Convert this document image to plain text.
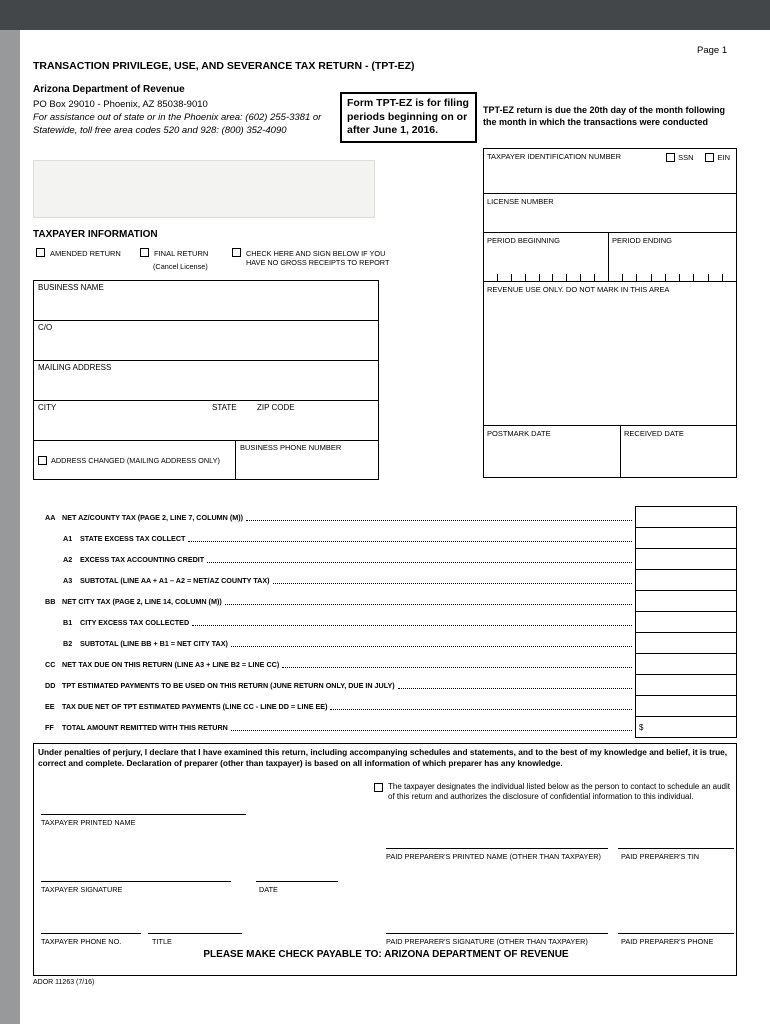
Page 1
TRANSACTION PRIVILEGE, USE, AND SEVERANCE TAX RETURN - (TPT-EZ)
Arizona Department of Revenue
PO Box 29010 - Phoenix, AZ 85038-9010
For assistance out of state or in the Phoenix area: (602) 255-3381 or
Statewide, toll free area codes 520 and 928: (800) 352-4090
Form TPT-EZ is for filing periods beginning on or after June 1, 2016.
TPT-EZ return is due the 20th day of the month following the month in which the transactions were conducted
TAXPAYER IDENTIFICATION NUMBER	SSN	EIN
LICENSE NUMBER
PERIOD BEGINNING	PERIOD ENDING
REVENUE USE ONLY. DO NOT MARK IN THIS AREA
POSTMARK DATE	RECEIVED DATE
TAXPAYER INFORMATION
AMENDED RETURN	FINAL RETURN
(Cancel License)
CHECK HERE AND SIGN BELOW IF YOU HAVE NO GROSS RECEIPTS TO REPORT
BUSINESS NAME
C/O
MAILING ADDRESS
CITY	STATE	ZIP CODE
ADDRESS CHANGED (MAILING ADDRESS ONLY)
BUSINESS PHONE NUMBER
AA NET AZ/COUNTY TAX (PAGE 2, LINE 7, COLUMN (M))
A1	STATE EXCESS TAX COLLECT
A2	EXCESS TAX ACCOUNTING CREDIT
A3	SUBTOTAL (LINE AA + A1 – A2 = NET/AZ COUNTY TAX)
BB NET CITY TAX (PAGE 2, LINE 14, COLUMN (M))
B1	CITY EXCESS TAX COLLECTED
B2	SUBTOTAL (LINE BB + B1 = NET CITY TAX)
CC NET TAX DUE ON THIS RETURN (LINE A3 + LINE B2 = LINE CC)
DD TPT ESTIMATED PAYMENTS TO BE USED ON THIS RETURN (JUNE RETURN ONLY, DUE IN JULY)
EE	TAX DUE NET OF TPT ESTIMATED PAYMENTS (LINE CC - LINE DD = LINE EE)
FF	TOTAL AMOUNT REMITTED WITH THIS RETURN	$
Under penalties of perjury, I declare that I have examined this return, including accompanying schedules and statements, and to the best of my knowledge and belief, it is true, correct and complete. Declaration of preparer (other than taxpayer) is based on all information of which preparer has any knowledge.
The taxpayer designates the individual listed below as the person to contact to schedule an audit of this return and authorizes the disclosure of confidential information to this individual.
TAXPAYER PRINTED NAME
PAID PREPARER'S PRINTED NAME (OTHER THAN TAXPAYER)	PAID PREPARER'S TIN
TAXPAYER SIGNATURE	DATE
TAXPAYER PHONE NO.	TITLE	PAID PREPARER'S SIGNATURE (OTHER THAN TAXPAYER)	PAID PREPARER'S PHONE
PLEASE MAKE CHECK PAYABLE TO: ARIZONA DEPARTMENT OF REVENUE
ADOR 11263 (7/16)
